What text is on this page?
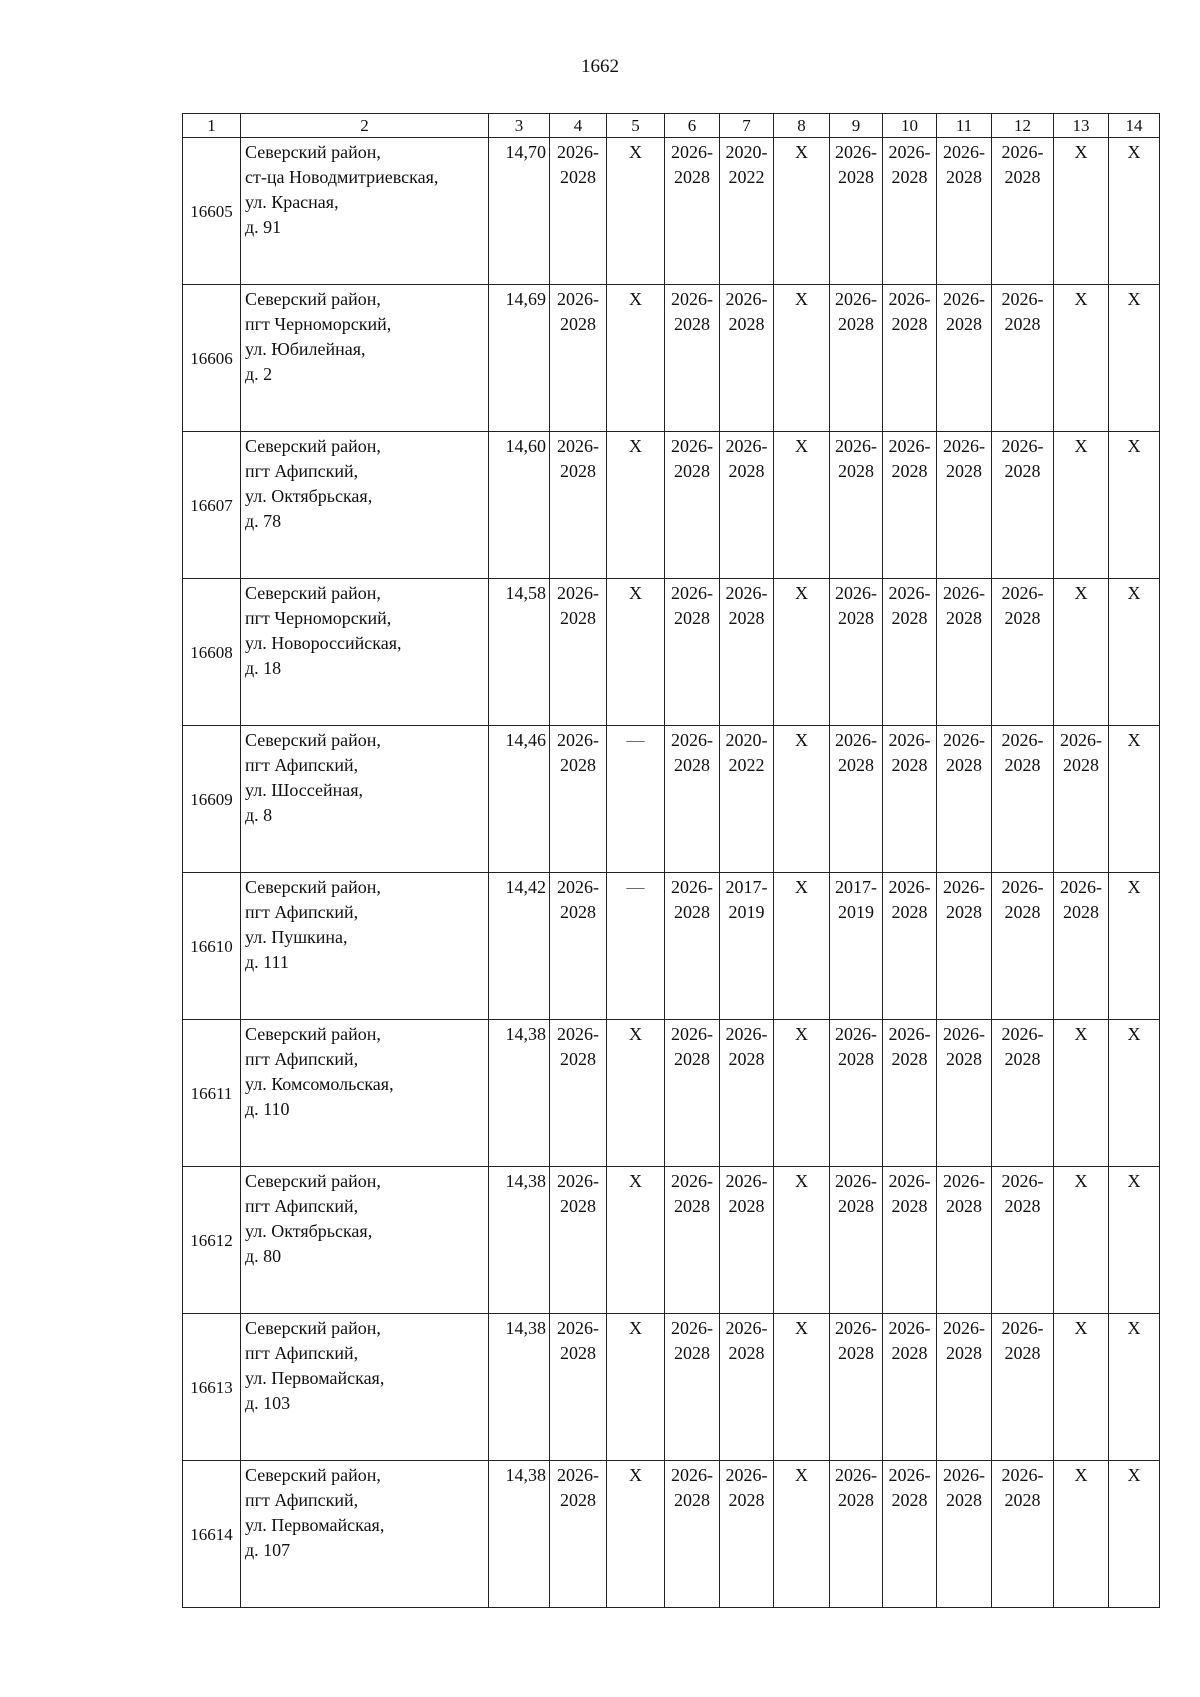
1662
1	2	3	4	5	6	7	8	9	10	11	12	13	14
16605	Северский район,
ст-ца Новодмитриевская,
ул. Красная,
д. 91	14,70	2026-
2028	X	2026-
2028	2020-
2022	X	2026-
2028	2026-
2028	2026-
2028	2026-
2028	X	X
16606	Северский район,
пгт Черноморский,
ул. Юбилейная,
д. 2	14,69	2026-
2028	X	2026-
2028	2026-
2028	X	2026-
2028	2026-
2028	2026-
2028	2026-
2028	X	X
16607	Северский район,
пгт Афипский,
ул. Октябрьская,
д. 78	14,60	2026-
2028	X	2026-
2028	2026-
2028	X	2026-
2028	2026-
2028	2026-
2028	2026-
2028	X	X
16608	Северский район,
пгт Черноморский,
ул. Новороссийская,
д. 18	14,58	2026-
2028	X	2026-
2028	2026-
2028	X	2026-
2028	2026-
2028	2026-
2028	2026-
2028	X	X
16609	Северский район,
пгт Афипский,
ул. Шоссейная,
д. 8	14,46	2026-
2028	—	2026-
2028	2020-
2022	X	2026-
2028	2026-
2028	2026-
2028	2026-
2028	2026-
2028	X
16610	Северский район,
пгт Афипский,
ул. Пушкина,
д. 111	14,42	2026-
2028	—	2026-
2028	2017-
2019	X	2017-
2019	2026-
2028	2026-
2028	2026-
2028	2026-
2028	X
16611	Северский район,
пгт Афипский,
ул. Комсомольская,
д. 110	14,38	2026-
2028	X	2026-
2028	2026-
2028	X	2026-
2028	2026-
2028	2026-
2028	2026-
2028	X	X
16612	Северский район,
пгт Афипский,
ул. Октябрьская,
д. 80	14,38	2026-
2028	X	2026-
2028	2026-
2028	X	2026-
2028	2026-
2028	2026-
2028	2026-
2028	X	X
16613	Северский район,
пгт Афипский,
ул. Первомайская,
д. 103	14,38	2026-
2028	X	2026-
2028	2026-
2028	X	2026-
2028	2026-
2028	2026-
2028	2026-
2028	X	X
16614	Северский район,
пгт Афипский,
ул. Первомайская,
д. 107	14,38	2026-
2028	X	2026-
2028	2026-
2028	X	2026-
2028	2026-
2028	2026-
2028	2026-
2028	X	X
